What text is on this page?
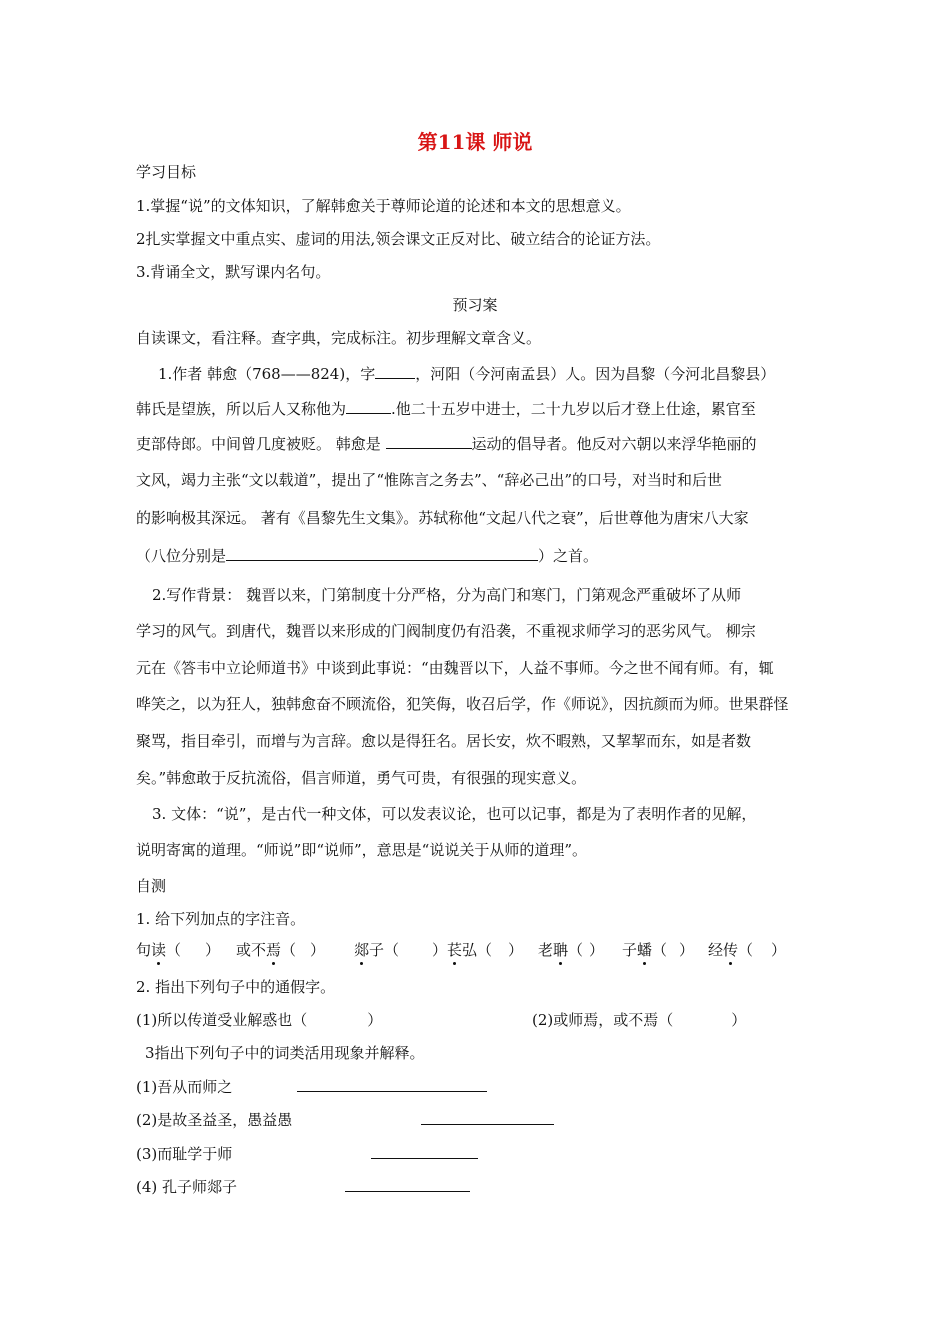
第11课 师说
学习目标
1.掌握“说”的文体知识，了解韩愈关于尊师论道的论述和本文的思想意义。
2扎实掌握文中重点实、虚词的用法,领会课文正反对比、破立结合的论证方法。
3.背诵全文，默写课内名句。
预习案
自读课文，看注释。查字典，完成标注。初步理解文章含义。
1.作者 韩愈（768——824)，字	，河阳（今河南孟县）人。因为昌黎（今河北昌黎县）
韩氏是望族，所以后人又称他为	.他二十五岁中进士，二十九岁以后才登上仕途，累官至
吏部侍郎。中间曾几度被贬。 韩愈是	运动的倡导者。他反对六朝以来浮华艳丽的
文风，竭力主张“文以载道”，提出了“惟陈言之务去”、“辞必己出”的口号，对当时和后世
的影响极其深远。 著有《昌黎先生文集》。苏轼称他“文起八代之衰”，后世尊他为唐宋八大家
（八位分别是	）之首。
2.写作背景： 魏晋以来，门第制度十分严格，分为高门和寒门，门第观念严重破坏了从师
学习的风气。到唐代，魏晋以来形成的门阀制度仍有沿袭，不重视求师学习的恶劣风气。 柳宗
元在《答韦中立论师道书》中谈到此事说：“由魏晋以下，人益不事师。今之世不闻有师。有，辄
哗笑之，以为狂人，独韩愈奋不顾流俗，犯笑侮，收召后学，作《师说》，因抗颜而为师。世果群怪
聚骂，指目牵引，而增与为言辞。愈以是得狂名。居长安，炊不暇熟，又挈挈而东，如是者数
矣。”韩愈敢于反抗流俗，倡言师道，勇气可贵，有很强的现实意义。
3. 文体：“说”，是古代一种文体，可以发表议论，也可以记事，都是为了表明作者的见解，
说明寄寓的道理。“师说”即“说师”，意思是“说说关于从师的道理”。
自测
1. 给下列加点的字注音。
句读（ ） 或不焉（ ） 郯子（	）苌弘（ ） 老聃（ ） 子蟠（ ） 经传（ ）
2. 指出下列句子中的通假字。
(1)所以传道受业解惑也（	）	(2)或师焉，或不焉（	）
3指出下列句子中的词类活用现象并解释。
(1)吾从而师之
(2)是故圣益圣，愚益愚
(3)而耻学于师
(4) 孔子师郯子
